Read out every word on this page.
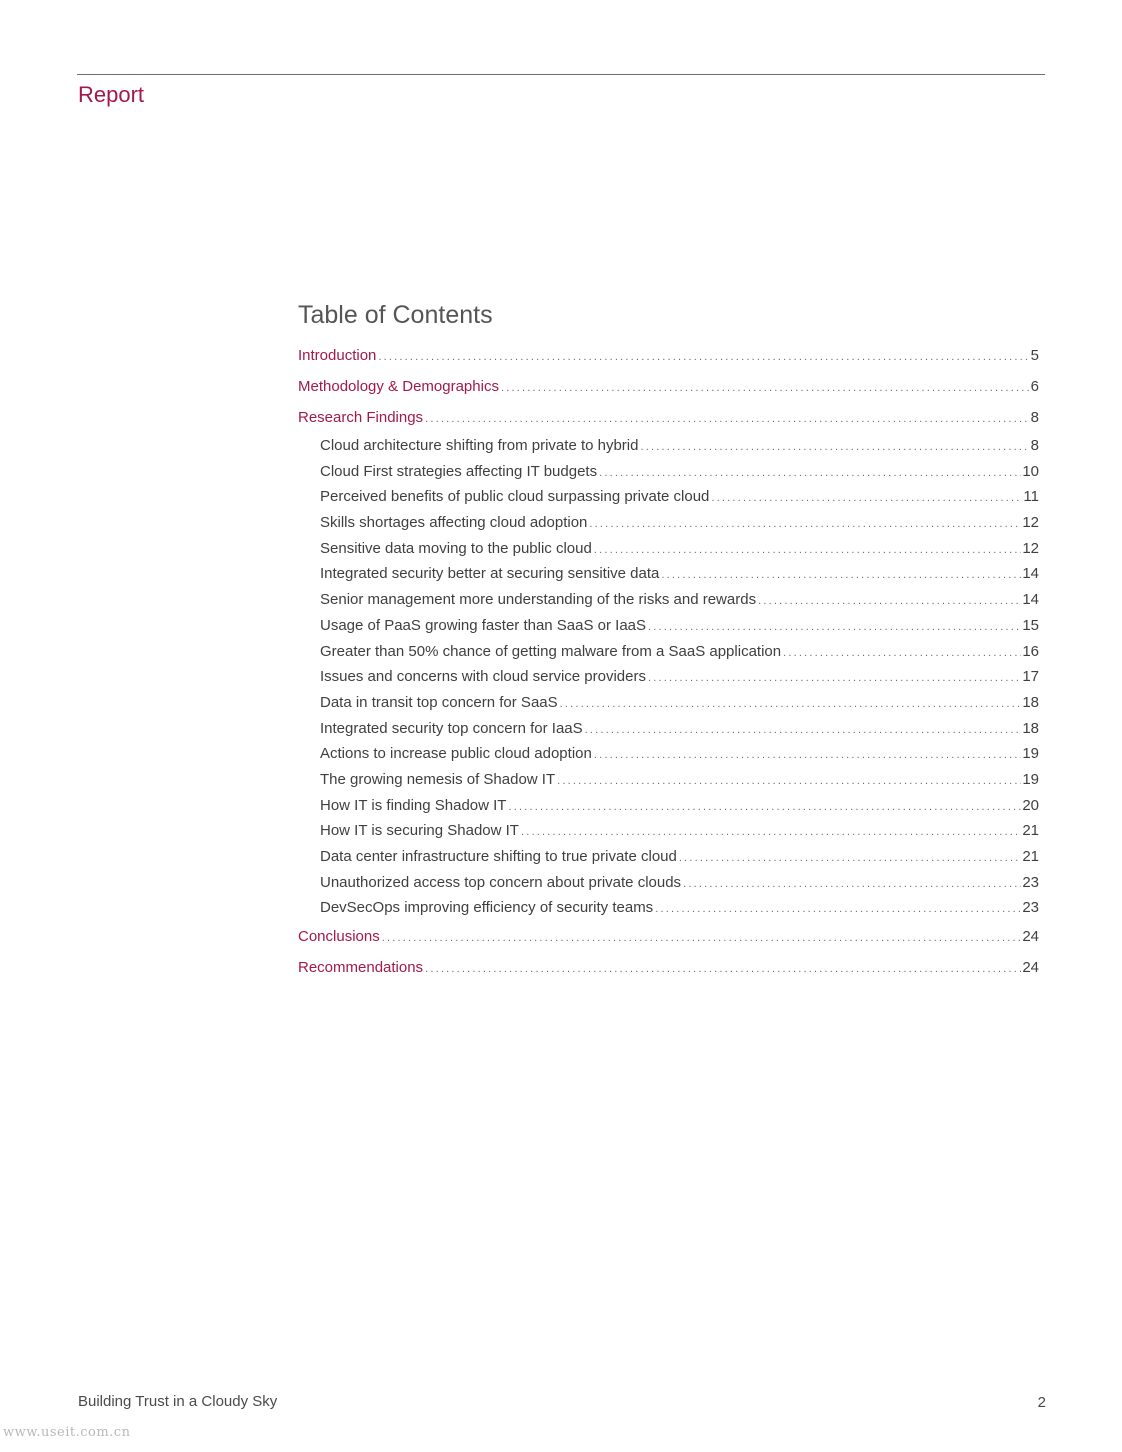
Report
Table of Contents
Introduction .....	5
Methodology & Demographics .....	6
Research Findings .....	8
Cloud architecture shifting from private to hybrid .....	8
Cloud First strategies affecting IT budgets .....	10
Perceived benefits of public cloud surpassing private cloud .....	11
Skills shortages affecting cloud adoption .....	12
Sensitive data moving to the public cloud .....	12
Integrated security better at securing sensitive data .....	14
Senior management more understanding of the risks and rewards .....	14
Usage of PaaS growing faster than SaaS or IaaS .....	15
Greater than 50% chance of getting malware from a SaaS application .....	16
Issues and concerns with cloud service providers .....	17
Data in transit top concern for SaaS .....	18
Integrated security top concern for IaaS .....	18
Actions to increase public cloud adoption .....	19
The growing nemesis of Shadow IT .....	19
How IT is finding Shadow IT .....	20
How IT is securing Shadow IT .....	21
Data center infrastructure shifting to true private cloud .....	21
Unauthorized access top concern about private clouds .....	23
DevSecOps improving efficiency of security teams .....	23
Conclusions .....	24
Recommendations .....	24
Building Trust in a Cloudy Sky	2
www.useit.com.cn
